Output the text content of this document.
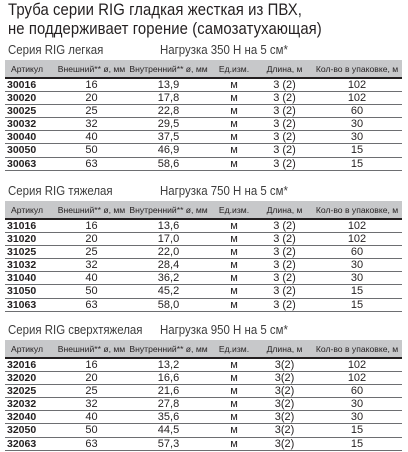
Труба серии RIG гладкая жесткая из ПВХ,
не поддерживает горение (самозатухающая)
Серия RIG легкая	Нагрузка 350 Н на 5 см*
Артикул	Внешний** ø, мм	Внутренний** ø, мм	Ед.изм.	Длина, м	Кол-во в упаковке, м
30016	16	13,9	м	3 (2)	102
30020	20	17,8	м	3 (2)	102
30025	25	22,8	м	3 (2)	60
30032	32	29,5	м	3 (2)	30
30040	40	37,5	м	3 (2)	30
30050	50	46,9	м	3 (2)	15
30063	63	58,6	м	3 (2)	15
Серия RIG тяжелая	Нагрузка 750 Н на 5 см*
Артикул	Внешний** ø, мм	Внутренний** ø, мм	Ед.изм.	Длина, м	Кол-во в упаковке, м
31016	16	13,6	м	3 (2)	102
31020	20	17,0	м	3 (2)	102
31025	25	22,0	м	3 (2)	60
31032	32	28,4	м	3 (2)	30
31040	40	36,2	м	3 (2)	30
31050	50	45,2	м	3 (2)	15
31063	63	58,0	м	3 (2)	15
Серия RIG сверхтяжелая Нагрузка 950 Н на 5 см*
Артикул	Внешний** ø, мм	Внутренний** ø, мм	Ед.изм.	Длина, м	Кол-во в упаковке, м
32016	16	13,2	м	3(2)	102
32020	20	16,6	м	3(2)	102
32025	25	21,6	м	3(2)	60
32032	32	27,8	м	3(2)	30
32040	40	35,6	м	3(2)	30
32050	50	44,5	м	3(2)	15
32063	63	57,3	м	3(2)	15
